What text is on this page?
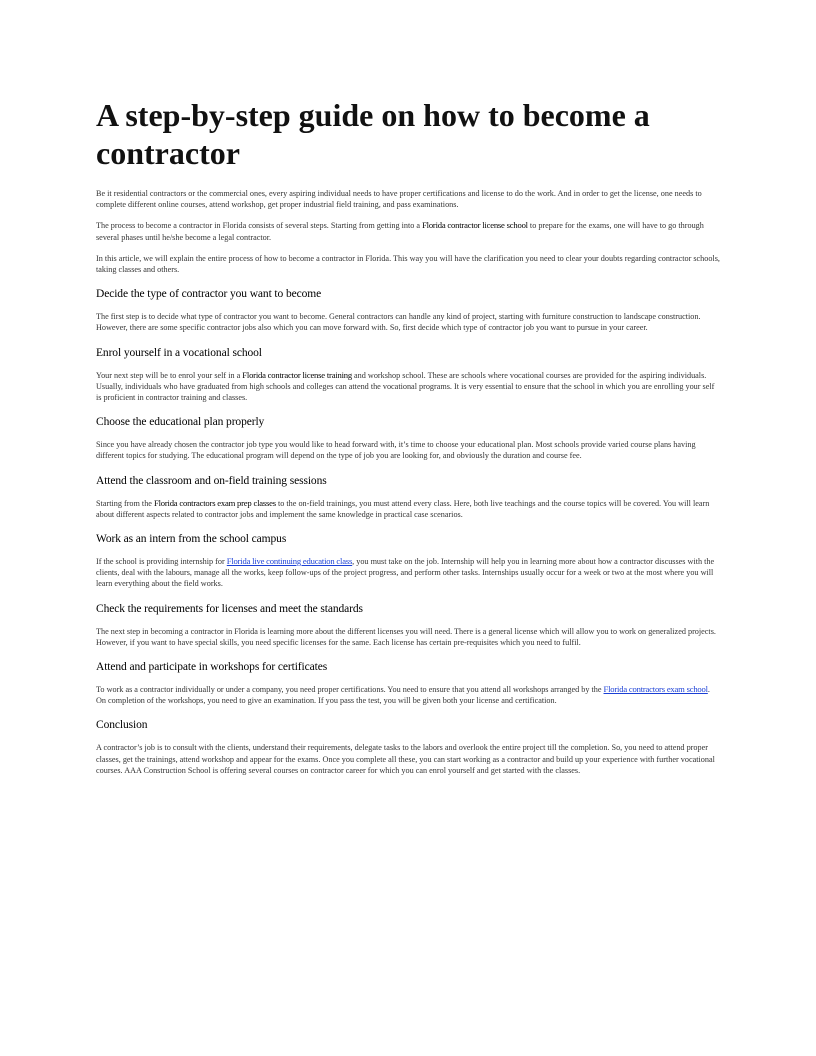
A step-by-step guide on how to become a contractor

Be it residential contractors or the commercial ones, every aspiring individual needs to have proper certifications and license to do the work. And in order to get the license, one needs to complete different online courses, attend workshop, get proper industrial field training, and pass examinations.

The process to become a contractor in Florida consists of several steps. Starting from getting into a Florida contractor license school to prepare for the exams, one will have to go through several phases until he/she become a legal contractor.

In this article, we will explain the entire process of how to become a contractor in Florida. This way you will have the clarification you need to clear your doubts regarding contractor schools, taking classes and others.

Decide the type of contractor you want to become

The first step is to decide what type of contractor you want to become. General contractors can handle any kind of project, starting with furniture construction to landscape construction. However, there are some specific contractor jobs also which you can move forward with. So, first decide which type of contractor job you want to pursue in your career.

Enrol yourself in a vocational school

Your next step will be to enrol your self in a Florida contractor license training and workshop school. These are schools where vocational courses are provided for the aspiring individuals. Usually, individuals who have graduated from high schools and colleges can attend the vocational programs. It is very essential to ensure that the school in which you are enrolling your self is proficient in contractor training and classes.

Choose the educational plan properly

Since you have already chosen the contractor job type you would like to head forward with, it’s time to choose your educational plan. Most schools provide varied course plans having different topics for studying. The educational program will depend on the type of job you are looking for, and obviously the duration and course fee.

Attend the classroom and on-field training sessions

Starting from the Florida contractors exam prep classes to the on-field trainings, you must attend every class. Here, both live teachings and the course topics will be covered. You will learn about different aspects related to contractor jobs and implement the same knowledge in practical case scenarios.

Work as an intern from the school campus

If the school is providing internship for Florida live continuing education class, you must take on the job. Internship will help you in learning more about how a contractor discusses with the clients, deal with the labours, manage all the works, keep follow-ups of the project progress, and perform other tasks. Internships usually occur for a week or two at the most where you will learn everything about the field works.

Check the requirements for licenses and meet the standards

The next step in becoming a contractor in Florida is learning more about the different licenses you will need. There is a general license which will allow you to work on generalized projects. However, if you want to have special skills, you need specific licenses for the same. Each license has certain pre-requisites which you need to fulfil.

Attend and participate in workshops for certificates

To work as a contractor individually or under a company, you need proper certifications. You need to ensure that you attend all workshops arranged by the Florida contractors exam school. On completion of the workshops, you need to give an examination. If you pass the test, you will be given both your license and certification.

Conclusion

A contractor’s job is to consult with the clients, understand their requirements, delegate tasks to the labors and overlook the entire project till the completion. So, you need to attend proper classes, get the trainings, attend workshop and appear for the exams. Once you complete all these, you can start working as a contractor and build up your experience with further vocational courses. AAA Construction School is offering several courses on contractor career for which you can enrol yourself and get started with the classes.
